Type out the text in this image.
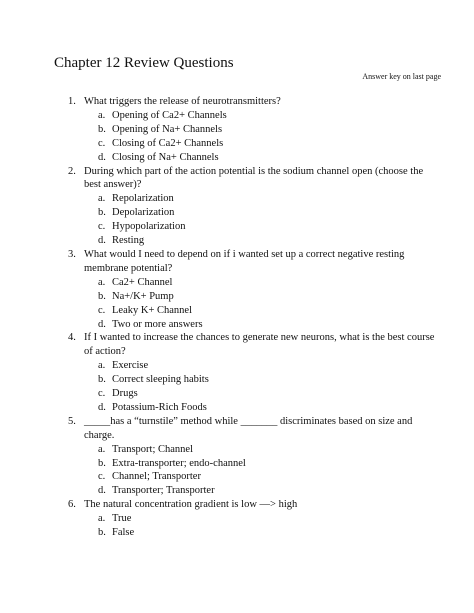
Chapter 12 Review Questions
Answer key on last page
1. What triggers the release of neurotransmitters?
a. Opening of Ca2+ Channels
b. Opening of Na+ Channels
c. Closing of Ca2+ Channels
d. Closing of Na+ Channels
2. During which part of the action potential is the sodium channel open (choose the best answer)?
a. Repolarization
b. Depolarization
c. Hypopolarization
d. Resting
3. What would I need to depend on if i wanted set up a correct negative resting membrane potential?
a. Ca2+ Channel
b. Na+/K+ Pump
c. Leaky K+ Channel
d. Two or more answers
4. If I wanted to increase the chances to generate new neurons, what is the best course of action?
a. Exercise
b. Correct sleeping habits
c. Drugs
d. Potassium-Rich Foods
5. _____has a “turnstile” method while _______ discriminates based on size and charge.
a. Transport; Channel
b. Extra-transporter; endo-channel
c. Channel; Transporter
d. Transporter; Transporter
6. The natural concentration gradient is low —> high
a. True
b. False
